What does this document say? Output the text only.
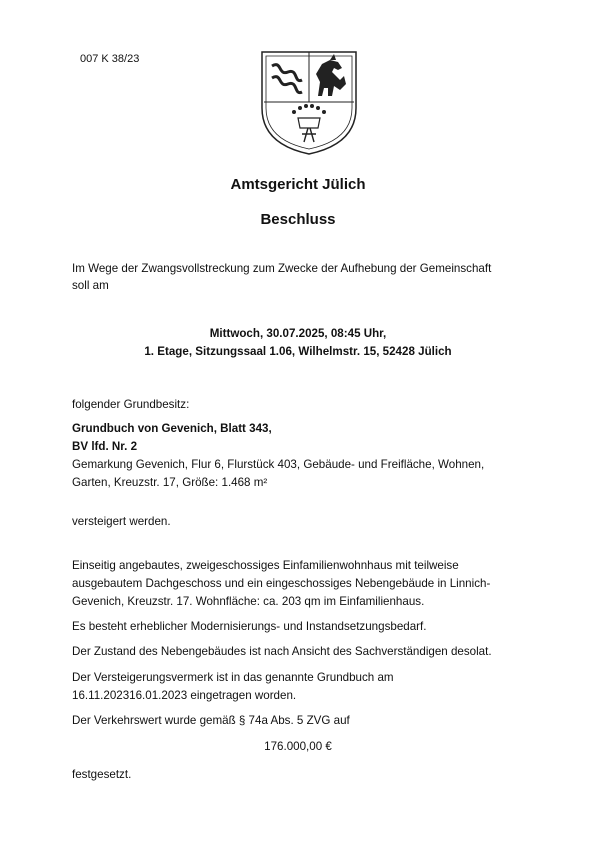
007 K 38/23
Amtsgericht Jülich
Beschluss
Im Wege der Zwangsvollstreckung zum Zwecke der Aufhebung der Gemeinschaft
soll am
Mittwoch, 30.07.2025, 08:45 Uhr,
1. Etage, Sitzungssaal 1.06, Wilhelmstr. 15, 52428 Jülich
folgender Grundbesitz:
Grundbuch von Gevenich, Blatt 343,
BV lfd. Nr. 2
Gemarkung Gevenich, Flur 6, Flurstück 403, Gebäude- und Freifläche, Wohnen,
Garten, Kreuzstr. 17, Größe: 1.468 m²
versteigert werden.
Einseitig angebautes, zweigeschossiges Einfamilienwohnhaus mit teilweise
ausgebautem Dachgeschoss und ein eingeschossiges Nebengebäude in Linnich-
Gevenich, Kreuzstr. 17. Wohnfläche: ca. 203 qm im Einfamilienhaus.
Es besteht erheblicher Modernisierungs- und Instandsetzungsbedarf.
Der Zustand des Nebengebäudes ist nach Ansicht des Sachverständigen desolat.
Der Versteigerungsvermerk ist in das genannte Grundbuch am
16.11.202316.01.2023 eingetragen worden.
Der Verkehrswert wurde gemäß § 74a Abs. 5 ZVG auf
176.000,00 €
festgesetzt.
